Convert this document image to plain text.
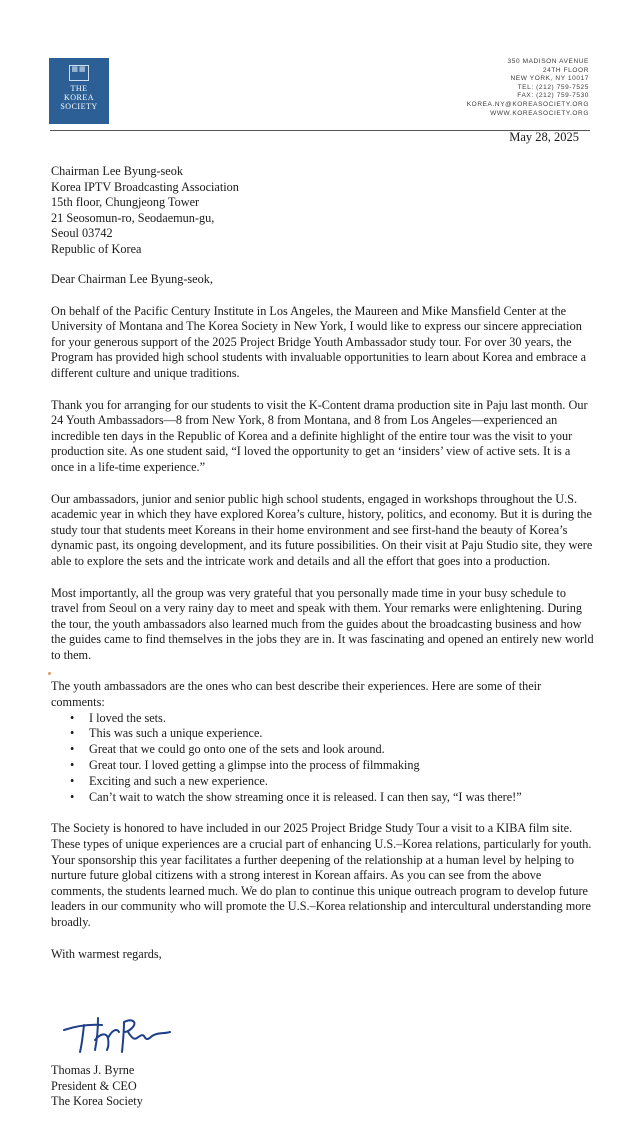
▦▦
THE
KOREA
SOCIETY
350 MADISON AVENUE
24TH FLOOR
NEW YORK, NY 10017
TEL: (212) 759-7525
FAX: (212) 759-7530
KOREA.NY@KOREASOCIETY.ORG
WWW.KOREASOCIETY.ORG
May 28, 2025
Chairman Lee Byung-seok
Korea IPTV Broadcasting Association
15th floor, Chungjeong Tower
21 Seosomun-ro, Seodaemun-gu,
Seoul 03742
Republic of Korea

Dear Chairman Lee Byung-seok,

On behalf of the Pacific Century Institute in Los Angeles, the Maureen and Mike Mansfield Center at the University of Montana and The Korea Society in New York, I would like to express our sincere appreciation for your generous support of the 2025 Project Bridge Youth Ambassador study tour. For over 30 years, the Program has provided high school students with invaluable opportunities to learn about Korea and embrace a different culture and unique traditions.

Thank you for arranging for our students to visit the K-Content drama production site in Paju last month. Our 24 Youth Ambassadors—8 from New York, 8 from Montana, and 8 from Los Angeles—experienced an incredible ten days in the Republic of Korea and a definite highlight of the entire tour was the visit to your production site. As one student said, “I loved the opportunity to get an ‘insiders’ view of active sets. It is a once in a life-time experience.”

Our ambassadors, junior and senior public high school students, engaged in workshops throughout the U.S. academic year in which they have explored Korea’s culture, history, politics, and economy. But it is during the study tour that students meet Koreans in their home environment and see first-hand the beauty of Korea’s dynamic past, its ongoing development, and its future possibilities. On their visit at Paju Studio site, they were able to explore the sets and the intricate work and details and all the effort that goes into a production.

Most importantly, all the group was very grateful that you personally made time in your busy schedule to travel from Seoul on a very rainy day to meet and speak with them. Your remarks were enlightening. During the tour, the youth ambassadors also learned much from the guides about the broadcasting business and how the guides came to find themselves in the jobs they are in. It was fascinating and opened an entirely new world to them.

The youth ambassadors are the ones who can best describe their experiences. Here are some of their comments:

• I loved the sets.
• This was such a unique experience.
• Great that we could go onto one of the sets and look around.
• Great tour. I loved getting a glimpse into the process of filmmaking
• Exciting and such a new experience.
• Can’t wait to watch the show streaming once it is released. I can then say, “I was there!”

The Society is honored to have included in our 2025 Project Bridge Study Tour a visit to a KIBA film site. These types of unique experiences are a crucial part of enhancing U.S.–Korea relations, particularly for youth. Your sponsorship this year facilitates a further deepening of the relationship at a human level by helping to nurture future global citizens with a strong interest in Korean affairs. As you can see from the above comments, the students learned much. We do plan to continue this unique outreach program to develop future leaders in our community who will promote the U.S.–Korea relationship and intercultural understanding more broadly.

With warmest regards,

Thomas J. Byrne
President & CEO
The Korea Society
